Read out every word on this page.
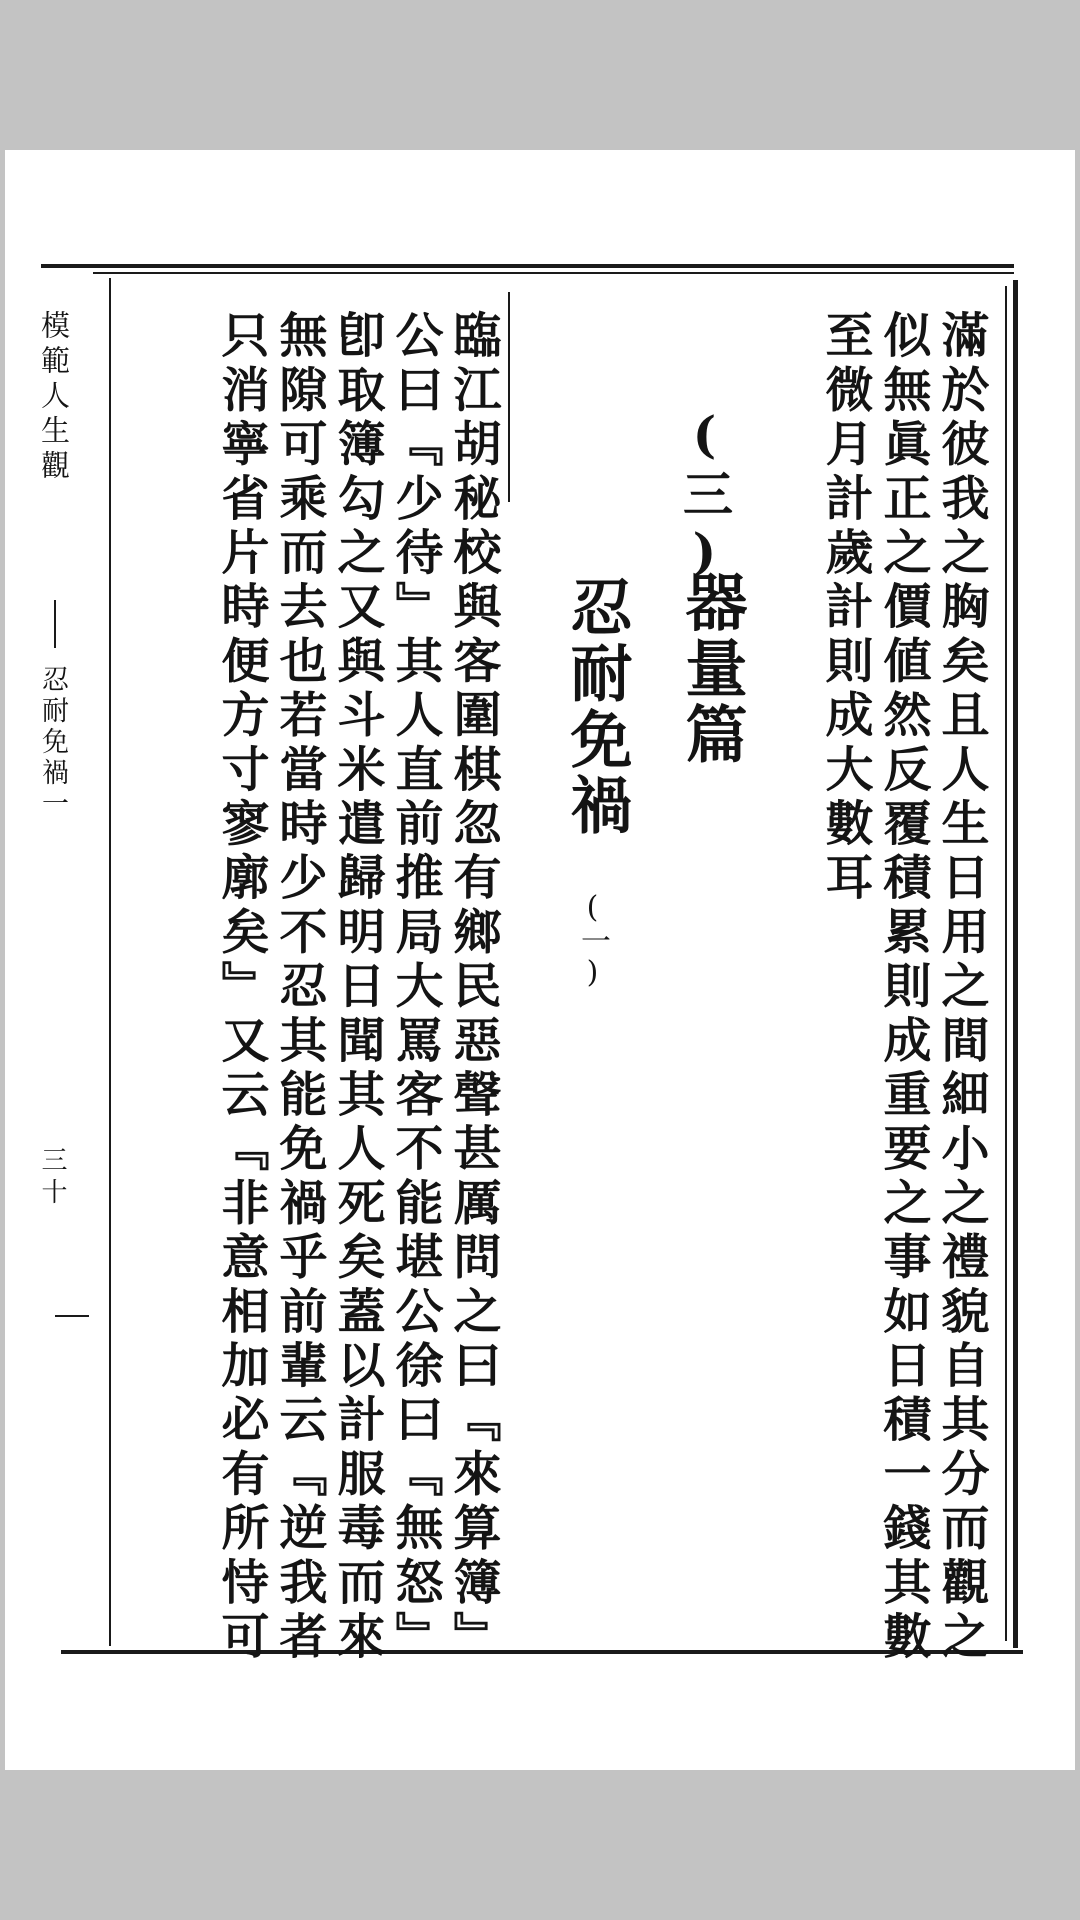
滿於彼我之胸矣且人生日用之間細小之禮貌自其分而觀之
似無眞正之價値然反覆積累則成重要之事如日積一錢其數
至微月計歲計則成大數耳
(三)
器量篇
忍耐免禍
(一)
臨江胡秘校與客圍棋忽有鄉民惡聲甚厲問之曰『來算簿』
公曰『少待』其人直前推局大罵客不能堪公徐曰『無怒』
卽取簿勾之又與斗米遣歸明日聞其人死矣蓋以計服毒而來
無隙可乘而去也若當時少不忍其能免禍乎前輩云『逆我者
只消寧省片時便方寸寥廓矣』又云『非意相加必有所恃可
模範人生觀
忍耐免禍一
三十
